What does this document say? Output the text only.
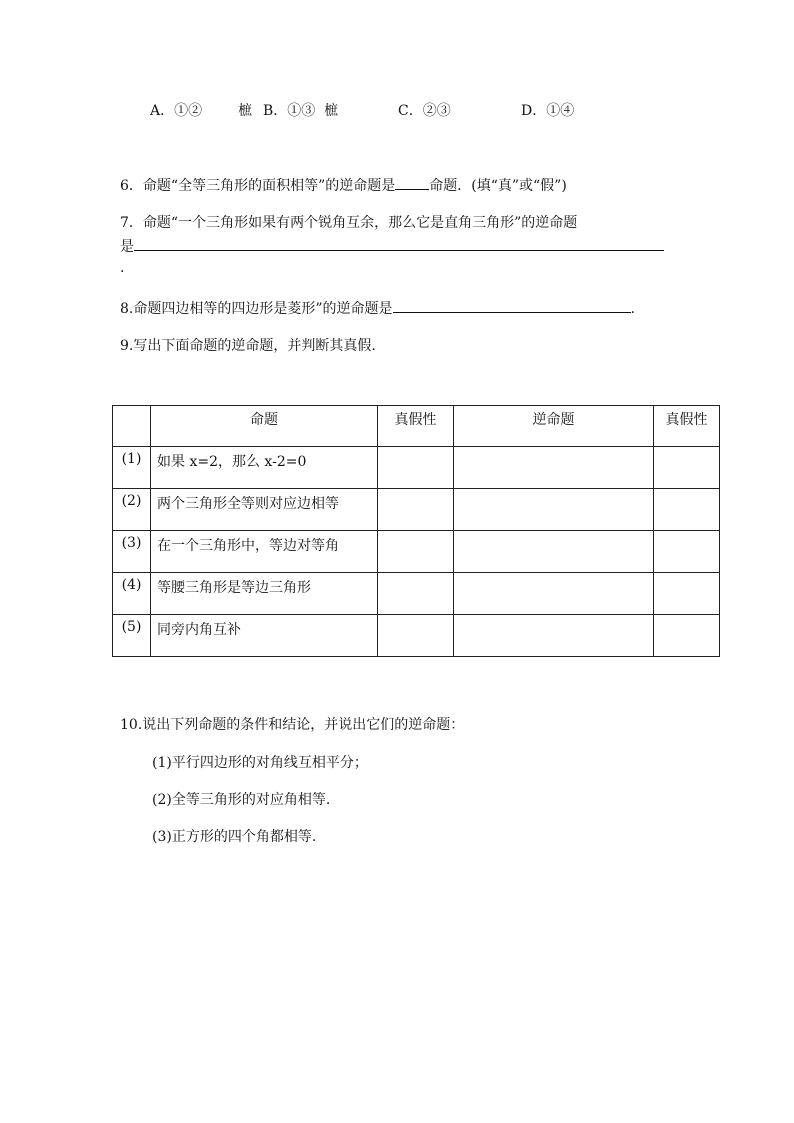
A．①②　　 樜 B．①③ 樜	C．②③	D．①④
6．命题“全等三角形的面积相等”的逆命题是 命题．(填“真”或“假”)
7．命题“一个三角形如果有两个锐角互余，那么它是直角三角形”的逆命题
是
.
8.命题四边相等的四边形是菱形”的逆命题是	.
9.写出下面命题的逆命题，并判断其真假.
	命题	真假性	逆命题	真假性
(1)	如果 x=2，那么 x-2=0			
(2)	两个三角形全等则对应边相等			
(3)	在一个三角形中，等边对等角			
(4)	等腰三角形是等边三角形			
(5)	同旁内角互补			
10.说出下列命题的条件和结论，并说出它们的逆命题：
(1)平行四边形的对角线互相平分；
(2)全等三角形的对应角相等.
(3)正方形的四个角都相等.
